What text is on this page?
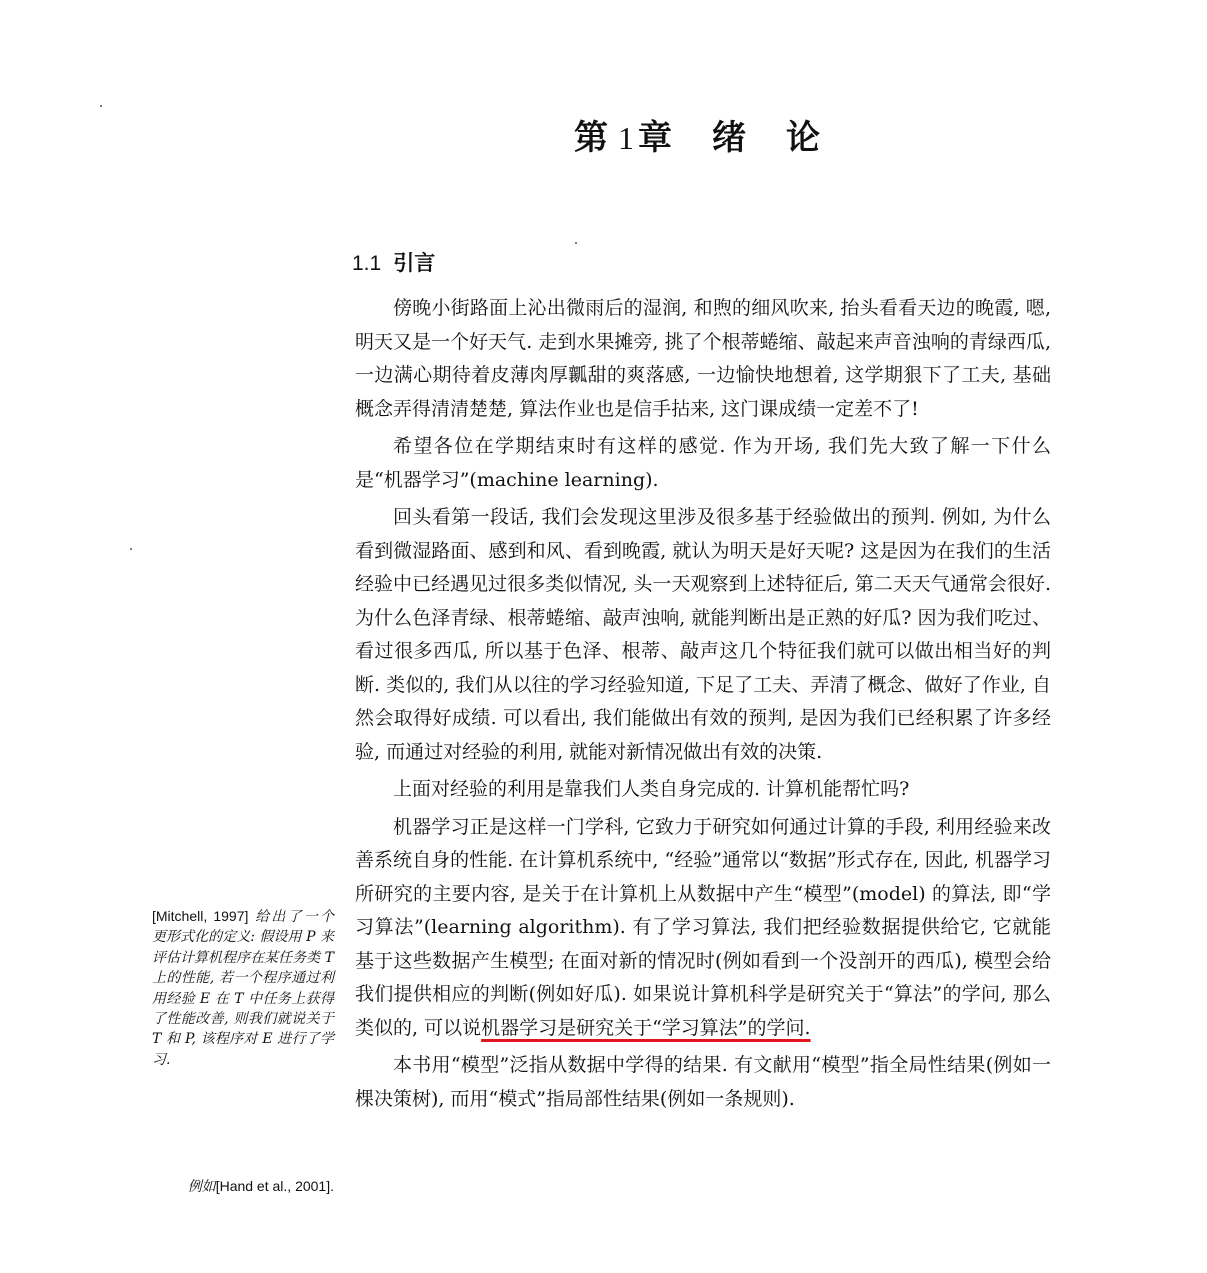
第 1 章 绪 论
1.1 引言

傍晚小街路面上沁出微雨后的湿润, 和煦的细风吹来, 抬头看看天边的晚霞, 嗯, 明天又是一个好天气. 走到水果摊旁, 挑了个根蒂蜷缩、敲起来声音浊响的青绿西瓜, 一边满心期待着皮薄肉厚瓤甜的爽落感, 一边愉快地想着, 这学期狠下了工夫, 基础概念弄得清清楚楚, 算法作业也是信手拈来, 这门课成绩一定差不了!

希望各位在学期结束时有这样的感觉. 作为开场, 我们先大致了解一下什么是“机器学习”(machine learning).

回头看第一段话, 我们会发现这里涉及很多基于经验做出的预判. 例如, 为什么看到微湿路面、感到和风、看到晚霞, 就认为明天是好天呢? 这是因为在我们的生活经验中已经遇见过很多类似情况, 头一天观察到上述特征后, 第二天天气通常会很好. 为什么色泽青绿、根蒂蜷缩、敲声浊响, 就能判断出是正熟的好瓜? 因为我们吃过、看过很多西瓜, 所以基于色泽、根蒂、敲声这几个特征我们就可以做出相当好的判断. 类似的, 我们从以往的学习经验知道, 下足了工夫、弄清了概念、做好了作业, 自然会取得好成绩. 可以看出, 我们能做出有效的预判, 是因为我们已经积累了许多经验, 而通过对经验的利用, 就能对新情况做出有效的决策.

上面对经验的利用是靠我们人类自身完成的. 计算机能帮忙吗?

机器学习正是这样一门学科, 它致力于研究如何通过计算的手段, 利用经验来改善系统自身的性能. 在计算机系统中, “经验”通常以“数据”形式存在, 因此, 机器学习所研究的主要内容, 是关于在计算机上从数据中产生“模型”(model) 的算法, 即“学习算法”(learning algorithm). 有了学习算法, 我们把经验数据提供给它, 它就能基于这些数据产生模型; 在面对新的情况时(例如看到一个没剖开的西瓜), 模型会给我们提供相应的判断(例如好瓜). 如果说计算机科学是研究关于“算法”的学问, 那么类似的, 可以说机器学习是研究关于“学习算法”的学问.

本书用“模型”泛指从数据中学得的结果. 有文献用“模型”指全局性结果(例如一棵决策树), 而用“模式”指局部性结果(例如一条规则).

[Mitchell, 1997] 给出了一个更形式化的定义: 假设用 P 来评估计算机程序在某任务类 T 上的性能, 若一个程序通过利用经验 E 在 T 中任务上获得了性能改善, 则我们就说关于 T 和 P, 该程序对 E 进行了学习.
例如[Hand et al., 2001].
